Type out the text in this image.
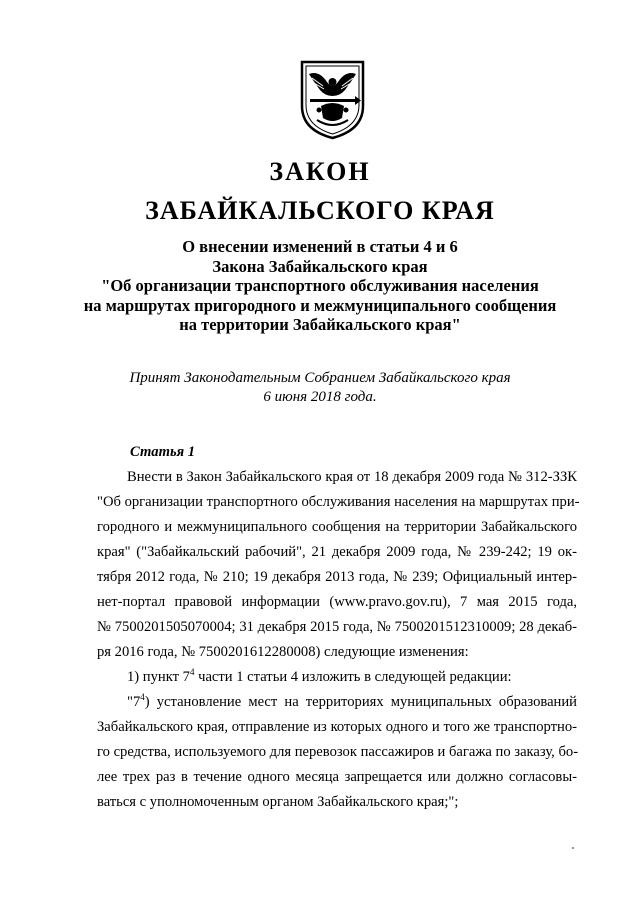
ЗАКОН
ЗАБАЙКАЛЬСКОГО КРАЯ
О внесении изменений в статьи 4 и 6
Закона Забайкальского края
"Об организации транспортного обслуживания населения
на маршрутах пригородного и межмуниципального сообщения
на территории Забайкальского края"
Принят Законодательным Собранием Забайкальского края
6 июня 2018 года.

Статья 1

Внести в Закон Забайкальского края от 18 декабря 2009 года № 312-ЗЗК
"Об организации транспортного обслуживания населения на маршрутах при-
городного и межмуниципального сообщения на территории Забайкальского
края" ("Забайкальский рабочий", 21 декабря 2009 года, № 239-242; 19 ок-
тября 2012 года, № 210; 19 декабря 2013 года, № 239; Официальный интер-
нет-портал правовой информации (www.pravo.gov.ru), 7 мая 2015 года,
№ 7500201505070004; 31 декабря 2015 года, № 7500201512310009; 28 декаб-
ря 2016 года, № 7500201612280008) следующие изменения:

1) пункт $7^4$ части 1 статьи 4 изложить в следующей редакции:

"$7^4$) установление мест на территориях муниципальных образований
Забайкальского края, отправление из которых одного и того же транспортно-
го средства, используемого для перевозок пассажиров и багажа по заказу, бо-
лее трех раз в течение одного месяца запрещается или должно согласовы-
ваться с уполномоченным органом Забайкальского края;";
